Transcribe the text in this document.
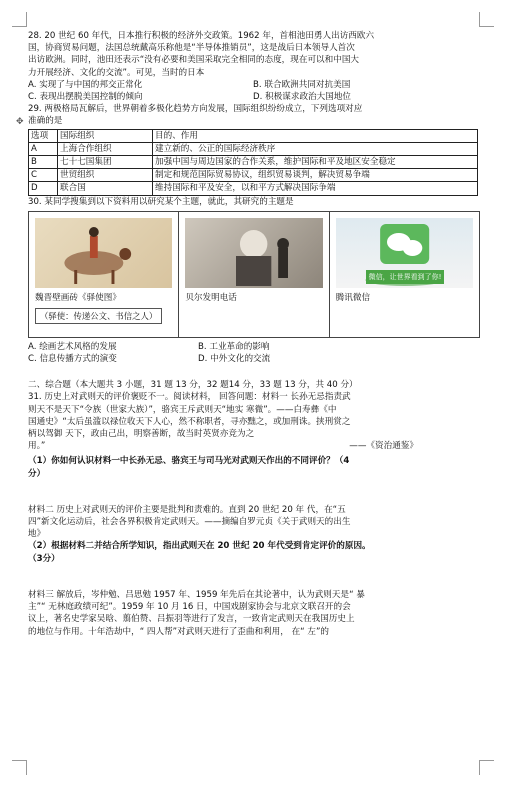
28. 20 世纪 60 年代，日本推行积极的经济外交政策。1962 年，首相池田勇人出访西欧六

国，协商贸易问题，法国总统戴高乐称他是“半导体推销员”，这是战后日本领导人首次

出访欧洲。同时，池田还表示“没有必要和美国采取完全相同的态度，现在可以和中国大

力开展经济、文化的交流”。可见，当时的日本

A. 实现了与中国的邦交正常化	B. 联合欧洲共同对抗美国
C. 表现出摆脱美国控制的倾向	D. 积极谋求政治大国地位

29. 两极格局瓦解后，世界朝着多极化趋势方向发展，国际组织纷纷成立，下列选项对应

准确的是

✥
选项	国际组织	目的、作用
A	上海合作组织	建立新的、公正的国际经济秩序
B	七十七国集团	加强中国与周边国家的合作关系，维护国际和平及地区安全稳定
C	世贸组织	制定和规范国际贸易协议，组织贸易谈判，解决贸易争端
D	联合国	维持国际和平及安全，以和平方式解决国际争端

30. 某同学搜集到以下资料用以研究某个主题，就此，其研究的主题是

魏晋壁画砖《驿使图》
（驿使：传递公文、书信之人）
贝尔发明电话
微信，让世界看到了你!
腾讯微信
A. 绘画艺术风格的发展	B. 工业革命的影响
C. 信息传播方式的演变	D. 中外文化的交流

二、综合题（本大题共 3 小题，31 题 13 分，32 题14 分，33 题 13 分，共 40 分）

31. 历史上对武则天的评价褒贬不一。阅读材料， 回答问题：材料一 长孙无忌指责武

则天不是天下“令族（世家大族）”，骆宾王斥武则天“地实 寒微”。——白寿彝《中

国通史》“太后虽滥以禄位收天下人心，然不称职者，寻亦黜之，或加刑诛。挟刑赏之

柄以驾御 天下，政由己出，明察善断，故当时英贤亦竞为之

用。”	——《资治通鉴》

（1）你如何认识材料一中长孙无忌、骆宾王与司马光对武则天作出的不同评价？（4

分）

材料二 历史上对武则天的评价主要是批判和责难的。直到 20 世纪 20 年 代，在“五

四”新文化运动后，社会各界积极肯定武则天。——摘编自罗元贞《关于武则天的出生

地》

（2）根据材料二并结合所学知识，指出武则天在 20 世纪 20 年代受到肯定评价的原因。

（3分）

材料三 解放后，岑仲勉、吕思勉 1957 年、1959 年先后在其论著中，认为武则天是“ 暴

主”“ 无林庭政绩可纪”。1959 年 10 月 16 日，中国戏剧家协会与北京文联召开的会

议上，著名史学家吴晗、翦伯赞、吕振羽等进行了发言，一致肯定武则天在我国历史上

的地位与作用。十年浩劫中，“ 四人帮”对武则天进行了歪曲和利用， 在“ 左”的
